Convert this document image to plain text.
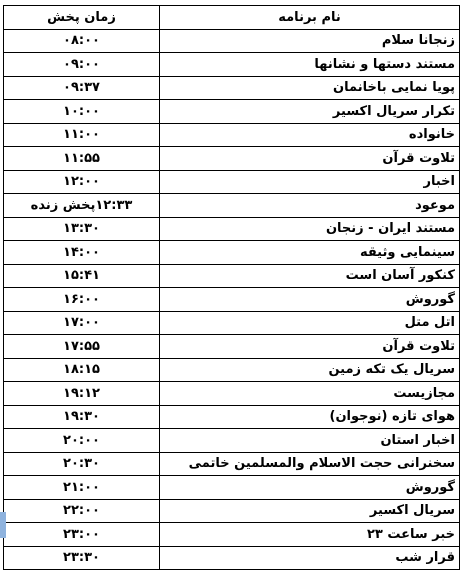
نام برنامه	زمان پخش
زنجانا سلام	۰۸:۰۰
مستند دستها و نشانها	۰۹:۰۰
پویا نمایی باخانمان	۰۹:۳۷
تکرار سریال اکسیر	۱۰:۰۰
خانواده	۱۱:۰۰
تلاوت قرآن	۱۱:۵۵
اخبار	۱۲:۰۰
موعود	۱۲:۳۳پخش زنده
مستند ایران - زنجان	۱۳:۳۰
سینمایی وثیقه	۱۴:۰۰
کنکور آسان است	۱۵:۴۱
گوروش	۱۶:۰۰
اتل متل	۱۷:۰۰
تلاوت قرآن	۱۷:۵۵
سریال یک تکه زمین	۱۸:۱۵
مجازیست	۱۹:۱۲
هوای تازه (نوجوان)	۱۹:۳۰
اخبار استان	۲۰:۰۰
سخنرانی حجت الاسلام والمسلمین خاتمی	۲۰:۳۰
گوروش	۲۱:۰۰
سریال اکسیر	۲۲:۰۰
خبر ساعت ۲۳	۲۳:۰۰
قرار شب	۲۳:۳۰
